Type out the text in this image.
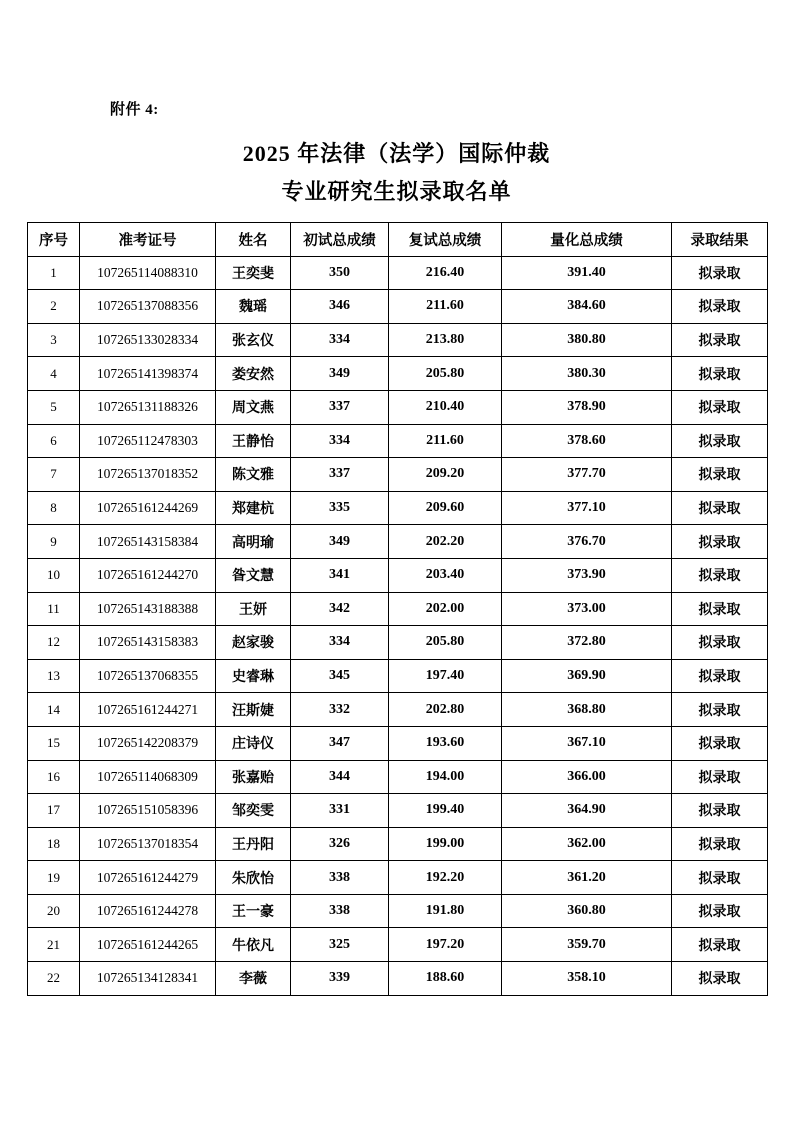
附件 4:
2025 年法律（法学）国际仲裁
专业研究生拟录取名单
序号	准考证号	姓名	初试总成绩	复试总成绩	量化总成绩	录取结果
1	107265114088310	王奕斐	350	216.40	391.40	拟录取
2	107265137088356	魏瑶	346	211.60	384.60	拟录取
3	107265133028334	张玄仪	334	213.80	380.80	拟录取
4	107265141398374	娄安然	349	205.80	380.30	拟录取
5	107265131188326	周文燕	337	210.40	378.90	拟录取
6	107265112478303	王静怡	334	211.60	378.60	拟录取
7	107265137018352	陈文雅	337	209.20	377.70	拟录取
8	107265161244269	郑建杭	335	209.60	377.10	拟录取
9	107265143158384	高明瑜	349	202.20	376.70	拟录取
10	107265161244270	昝文慧	341	203.40	373.90	拟录取
11	107265143188388	王妍	342	202.00	373.00	拟录取
12	107265143158383	赵家骏	334	205.80	372.80	拟录取
13	107265137068355	史睿琳	345	197.40	369.90	拟录取
14	107265161244271	汪斯婕	332	202.80	368.80	拟录取
15	107265142208379	庄诗仪	347	193.60	367.10	拟录取
16	107265114068309	张嘉贻	344	194.00	366.00	拟录取
17	107265151058396	邹奕雯	331	199.40	364.90	拟录取
18	107265137018354	王丹阳	326	199.00	362.00	拟录取
19	107265161244279	朱欣怡	338	192.20	361.20	拟录取
20	107265161244278	王一豪	338	191.80	360.80	拟录取
21	107265161244265	牛依凡	325	197.20	359.70	拟录取
22	107265134128341	李薇	339	188.60	358.10	拟录取
